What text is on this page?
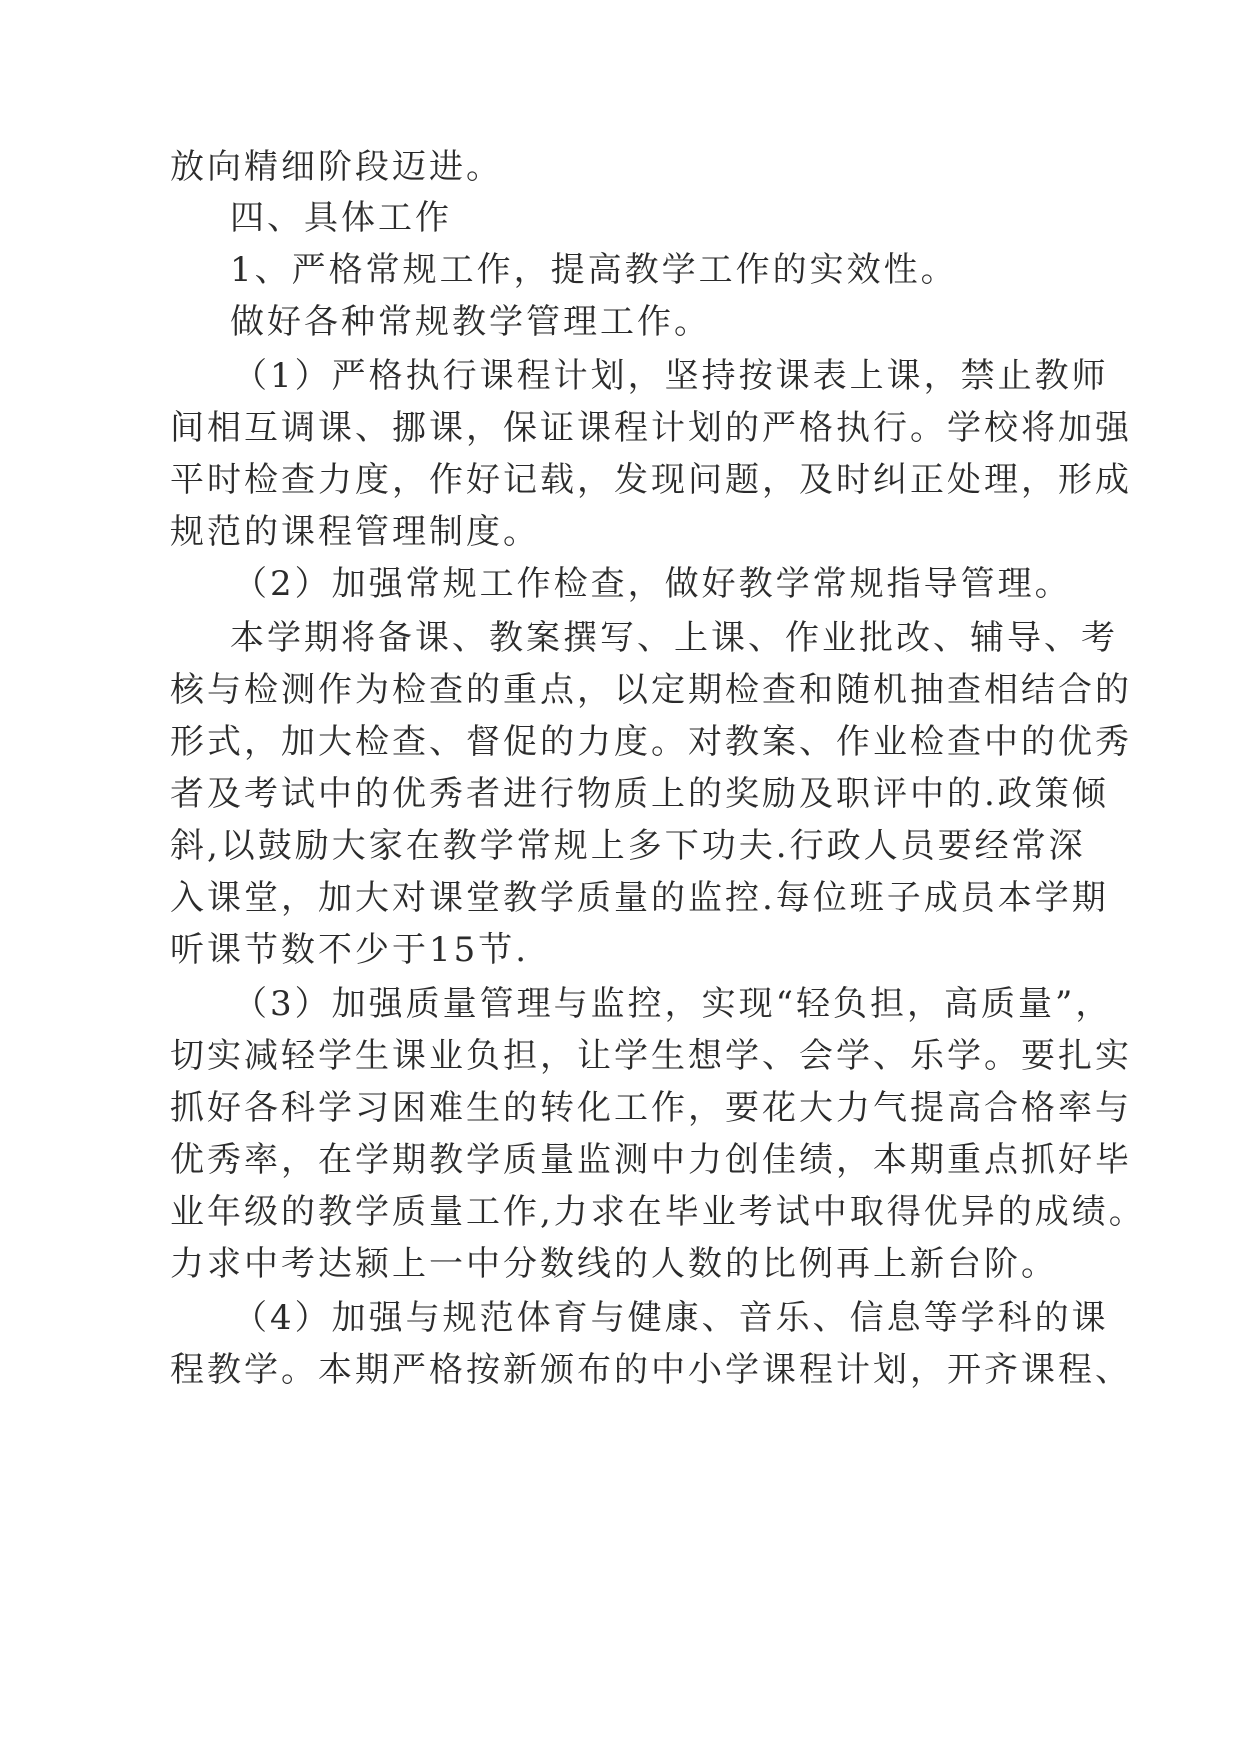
放向精细阶段迈进。
四、具体工作
1、严格常规工作，提高教学工作的实效性。
做好各种常规教学管理工作。
（1）严格执行课程计划，坚持按课表上课，禁止教师
间相互调课、挪课，保证课程计划的严格执行。学校将加强
平时检查力度，作好记载，发现问题，及时纠正处理，形成
规范的课程管理制度。
（2）加强常规工作检查，做好教学常规指导管理。
本学期将备课、教案撰写、上课、作业批改、辅导、考
核与检测作为检查的重点，以定期检查和随机抽查相结合的
形式，加大检查、督促的力度。对教案、作业检查中的优秀
者及考试中的优秀者进行物质上的奖励及职评中的.政策倾
斜,以鼓励大家在教学常规上多下功夫.行政人员要经常深
入课堂，加大对课堂教学质量的监控.每位班子成员本学期
听课节数不少于15节.
（3）加强质量管理与监控，实现“轻负担，高质量”，
切实减轻学生课业负担，让学生想学、会学、乐学。要扎实
抓好各科学习困难生的转化工作，要花大力气提高合格率与
优秀率，在学期教学质量监测中力创佳绩，本期重点抓好毕
业年级的教学质量工作,力求在毕业考试中取得优异的成绩。
力求中考达颍上一中分数线的人数的比例再上新台阶。
（4）加强与规范体育与健康、音乐、信息等学科的课
程教学。本期严格按新颁布的中小学课程计划，开齐课程、
